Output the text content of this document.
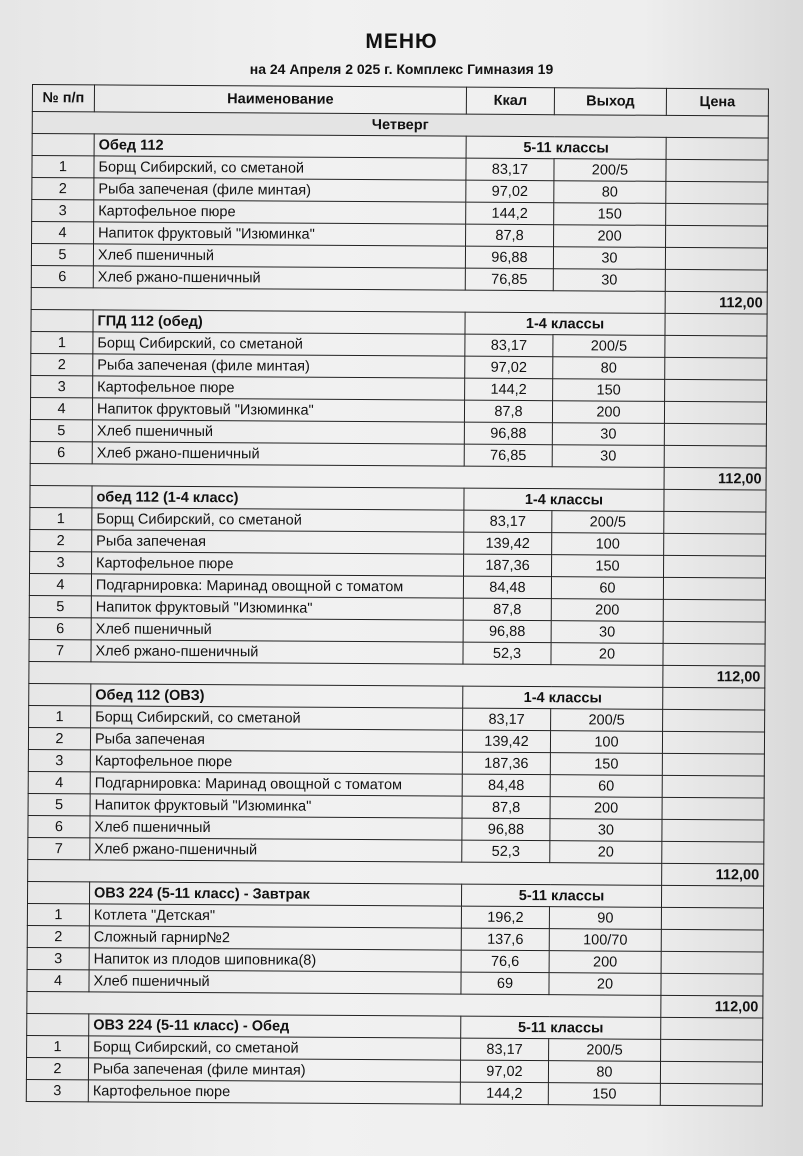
МЕНЮ
на 24 Апреля 2 025 г. Комплекс Гимназия 19
№ п/п	Наименование	Ккал	Выход	Цена
Четверг				
	Обед 112	5-11 классы		
1	Борщ Сибирский, со сметаной	83,17	200/5	
2	Рыба запеченая (филе минтая)	97,02	80	
3	Картофельное пюре	144,2	150	
4	Напиток фруктовый "Изюминка"	87,8	200	
5	Хлеб пшеничный	96,88	30	
6	Хлеб ржано-пшеничный	76,85	30	
				112,00
	ГПД 112 (обед)	1-4 классы		
1	Борщ Сибирский, со сметаной	83,17	200/5	
2	Рыба запеченая (филе минтая)	97,02	80	
3	Картофельное пюре	144,2	150	
4	Напиток фруктовый "Изюминка"	87,8	200	
5	Хлеб пшеничный	96,88	30	
6	Хлеб ржано-пшеничный	76,85	30	
				112,00
	обед 112 (1-4 класс)	1-4 классы		
1	Борщ Сибирский, со сметаной	83,17	200/5	
2	Рыба запеченая	139,42	100	
3	Картофельное пюре	187,36	150	
4	Подгарнировка: Маринад овощной с томатом	84,48	60	
5	Напиток фруктовый "Изюминка"	87,8	200	
6	Хлеб пшеничный	96,88	30	
7	Хлеб ржано-пшеничный	52,3	20	
				112,00
	Обед 112 (ОВЗ)	1-4 классы		
1	Борщ Сибирский, со сметаной	83,17	200/5	
2	Рыба запеченая	139,42	100	
3	Картофельное пюре	187,36	150	
4	Подгарнировка: Маринад овощной с томатом	84,48	60	
5	Напиток фруктовый "Изюминка"	87,8	200	
6	Хлеб пшеничный	96,88	30	
7	Хлеб ржано-пшеничный	52,3	20	
				112,00
	ОВЗ 224 (5-11 класс) - Завтрак	5-11 классы		
1	Котлета "Детская"	196,2	90	
2	Сложный гарнир№2	137,6	100/70	
3	Напиток из плодов шиповника(8)	76,6	200	
4	Хлеб пшеничный	69	20	
				112,00
	ОВЗ 224 (5-11 класс) - Обед	5-11 классы		
1	Борщ Сибирский, со сметаной	83,17	200/5	
2	Рыба запеченая (филе минтая)	97,02	80	
3	Картофельное пюре	144,2	150	
